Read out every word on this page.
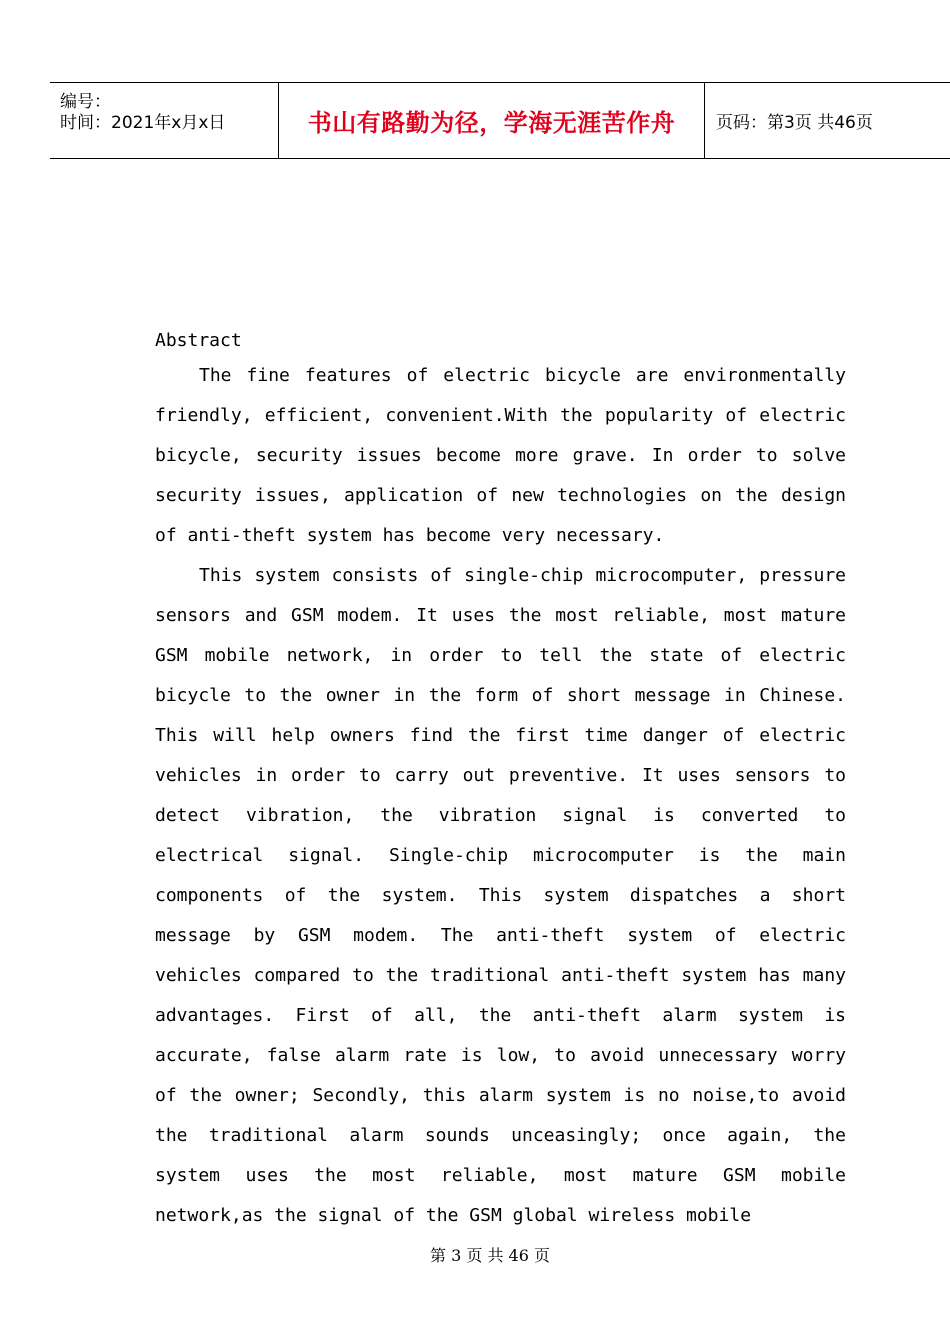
编号：
时间：2021年x月x日	书山有路勤为径，学海无涯苦作舟	页码：第3页 共46页

Abstract

The fine features of electric bicycle are environmentally friendly, efficient, convenient.With the popularity of electric bicycle, security issues become more grave. In order to solve security issues, application of new technologies on the design of anti-theft system has become very necessary.

This system consists of single-chip microcomputer, pressure sensors and GSM modem. It uses the most reliable, most mature GSM mobile network, in order to tell the state of electric bicycle to the owner in the form of short message in Chinese. This will help owners find the first time danger of electric vehicles in order to carry out preventive. It uses sensors to detect vibration, the vibration signal is converted to electrical signal. Single-chip microcomputer is the main components of the system. This system dispatches a short message by GSM modem. The anti-theft system of electric vehicles compared to the traditional anti-theft system has many advantages. First of all, the anti-theft alarm system is accurate, false alarm rate is low, to avoid unnecessary worry of the owner; Secondly, this alarm system is no noise,to avoid the traditional alarm sounds unceasingly; once again, the system uses the most reliable, most mature GSM mobile network,as the signal of the GSM global wireless mobile

第 3 页 共 46 页
